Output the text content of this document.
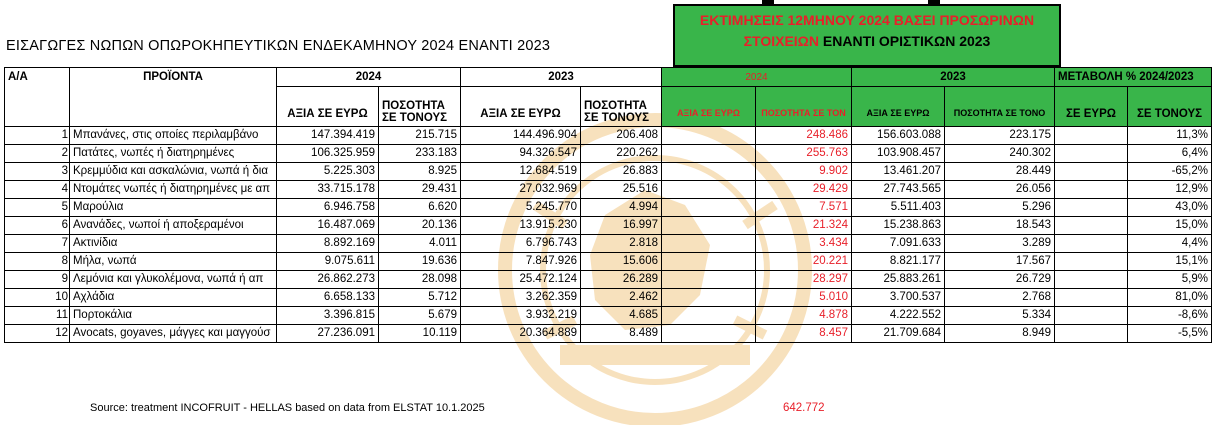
ΕΙΣΑΓΩΓΕΣ ΝΩΠΩΝ ΟΠΩΡΟΚΗΠΕΥΤΙΚΩΝ ΕΝΔΕΚΑΜΗΝΟΥ 2024 ΕΝΑΝΤΙ 2023
ΕΚΤΙΜΗΣΕΙΣ 12ΜΗΝΟΥ 2024 ΒΑΣΕΙ ΠΡΟΣΩΡΙΝΩΝ
ΣΤΟΙΧΕΙΩΝ ΕΝΑΝΤΙ ΟΡΙΣΤΙΚΩΝ 2023
Α/Α	ΠΡΟΪΟΝΤΑ	2024		2023		2024		2023		ΜΕΤΑΒΟΛΗ % 2024/2023	
		ΑΞΙΑ ΣΕ ΕΥΡΩ	ΠΟΣΟΤΗΤΑ ΣΕ ΤΟΝΟΥΣ	ΑΞΙΑ ΣΕ ΕΥΡΩ	ΠΟΣΟΤΗΤΑ ΣΕ ΤΟΝΟΥΣ	ΑΞΙΑ ΣΕ ΕΥΡΩ	ΠΟΣΟΤΗΤΑ ΣΕ ΤΟΝ	ΑΞΙΑ ΣΕ ΕΥΡΩ	ΠΟΣΟΤΗΤΑ ΣΕ ΤΟΝΟ	ΣΕ ΕΥΡΩ	ΣΕ ΤΟΝΟΥΣ
1	Μπανάνες, στις οποίες περιλαμβάνο	147.394.419	215.715	144.496.904	206.408		248.486	156.603.088	223.175		11,3%
2	Πατάτες, νωπές ή διατηρημένες	106.325.959	233.183	94.326.547	220.262		255.763	103.908.457	240.302		6,4%
3	Κρεμμύδια και ασκαλώνια, νωπά ή δια	5.225.303	8.925	12.684.519	26.883		9.902	13.461.207	28.449		-65,2%
4	Ντομάτες νωπές ή διατηρημένες με απ	33.715.178	29.431	27.032.969	25.516		29.429	27.743.565	26.056		12,9%
5	Μαρούλια	6.946.758	6.620	5.245.770	4.994		7.571	5.511.403	5.296		43,0%
6	Ανανάδες, νωποί ή αποξεραμένοι	16.487.069	20.136	13.915.230	16.997		21.324	15.238.863	18.543		15,0%
7	Ακτινίδια	8.892.169	4.011	6.796.743	2.818		3.434	7.091.633	3.289		4,4%
8	Μήλα, νωπά	9.075.611	19.636	7.847.926	15.606		20.221	8.821.177	17.567		15,1%
9	Λεμόνια και γλυκολέμονα, νωπά ή απ	26.862.273	28.098	25.472.124	26.289		28.297	25.883.261	26.729		5,9%
10	Αχλάδια	6.658.133	5.712	3.262.359	2.462		5.010	3.700.537	2.768		81,0%
11	Πορτοκάλια	3.396.815	5.679	3.932.219	4.685		4.878	4.222.552	5.334		-8,6%
12	Avocats, goyaves, μάγγες και μαγγούσ	27.236.091	10.119	20.364.889	8.489		8.457	21.709.684	8.949		-5,5%
Source: treatment INCOFRUIT - HELLAS based on data from ELSTAT 10.1.2025	642.772
